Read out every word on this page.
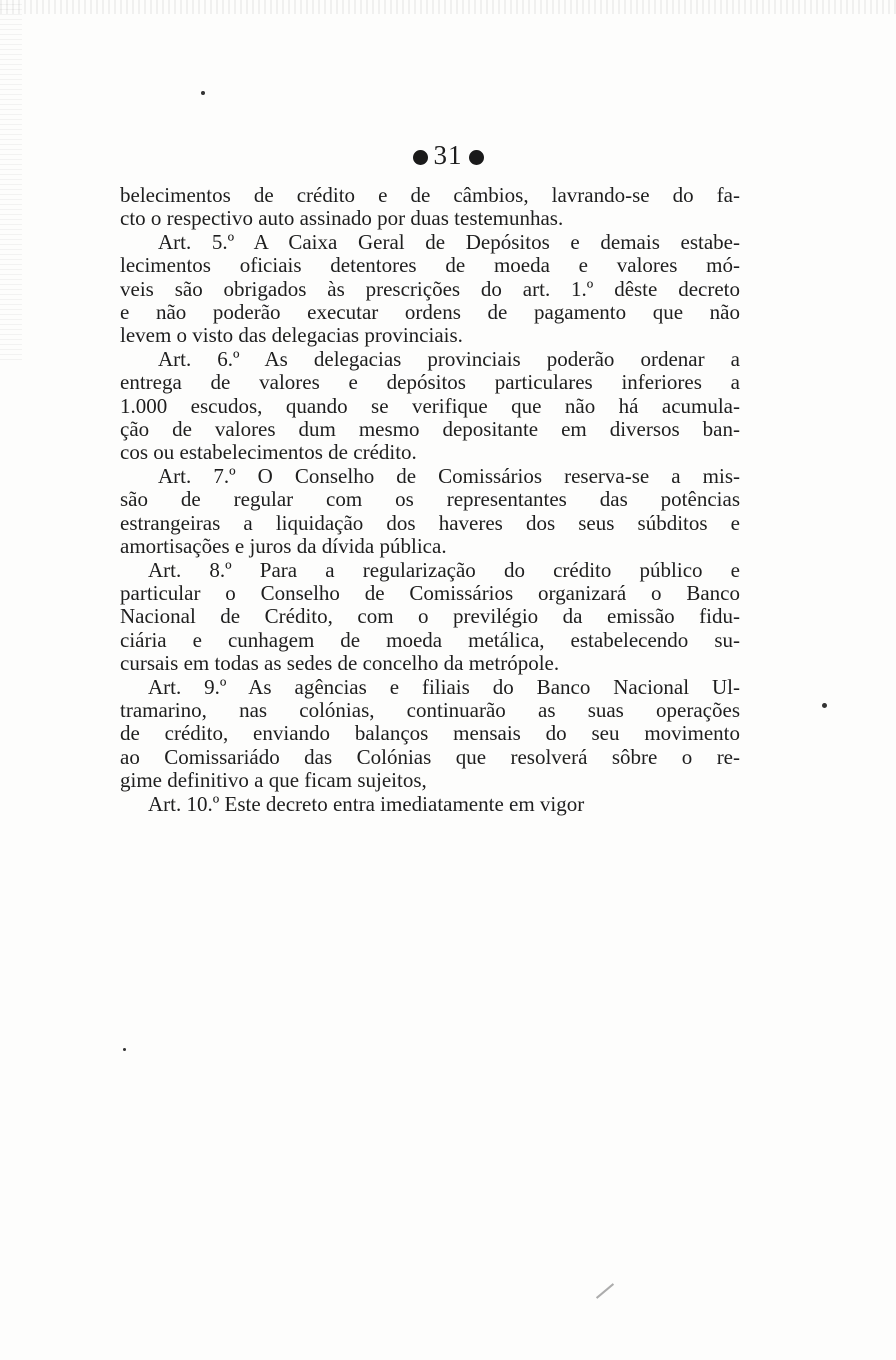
31
belecimentos de crédito e de câmbios, lavrando-se do fa-
cto o respectivo auto assinado por duas testemunhas.
Art. 5.º A Caixa Geral de Depósitos e demais estabe-
lecimentos oficiais detentores de moeda e valores mó-
veis são obrigados às prescrições do art. 1.º dêste decreto
e não poderão executar ordens de pagamento que não
levem o visto das delegacias provinciais.
Art. 6.º As delegacias provinciais poderão ordenar a
entrega de valores e depósitos particulares inferiores a
1.000 escudos, quando se verifique que não há acumula-
ção de valores dum mesmo depositante em diversos ban-
cos ou estabelecimentos de crédito.
Art. 7.º O Conselho de Comissários reserva-se a mis-
são de regular com os representantes das potências
estrangeiras a liquidação dos haveres dos seus súbditos e
amortisações e juros da dívida pública.
Art. 8.º Para a regularização do crédito público e
particular o Conselho de Comissários organizará o Banco
Nacional de Crédito, com o previlégio da emissão fidu-
ciária e cunhagem de moeda metálica, estabelecendo su-
cursais em todas as sedes de concelho da metrópole.
Art. 9.º As agências e filiais do Banco Nacional Ul-
tramarino, nas colónias, continuarão as suas operações
de crédito, enviando balanços mensais do seu movimento
ao Comissariádo das Colónias que resolverá sôbre o re-
gime definitivo a que ficam sujeitos,
Art. 10.º Este decreto entra imediatamente em vigor
